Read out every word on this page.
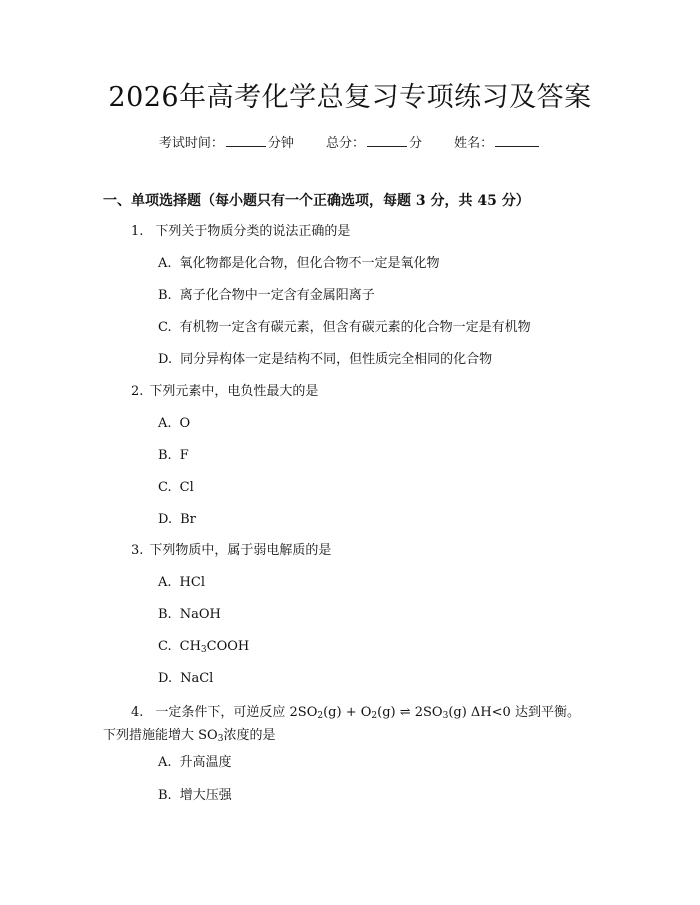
2026年高考化学总复习专项练习及答案
考试时间：	分钟 总分：	分 姓名：
一、单项选择题（每小题只有一个正确选项，每题 3 分，共 45 分）
1. 下列关于物质分类的说法正确的是
A. 氧化物都是化合物，但化合物不一定是氧化物
B. 离子化合物中一定含有金属阳离子
C. 有机物一定含有碳元素，但含有碳元素的化合物一定是有机物
D. 同分异构体一定是结构不同，但性质完全相同的化合物
2. 下列元素中，电负性最大的是
A. O
B. F
C. Cl
D. Br
3. 下列物质中，属于弱电解质的是
A. HCl
B. NaOH
C. $CH_3COOH$
D. NaCl
4. 一定条件下，可逆反应 $2SO_2(g) + O_2(g)$ ⇌ $2SO_3(g)$ ΔH<0 达到平衡。
下列措施能增大 $SO_3$浓度的是
A. 升高温度
B. 增大压强
